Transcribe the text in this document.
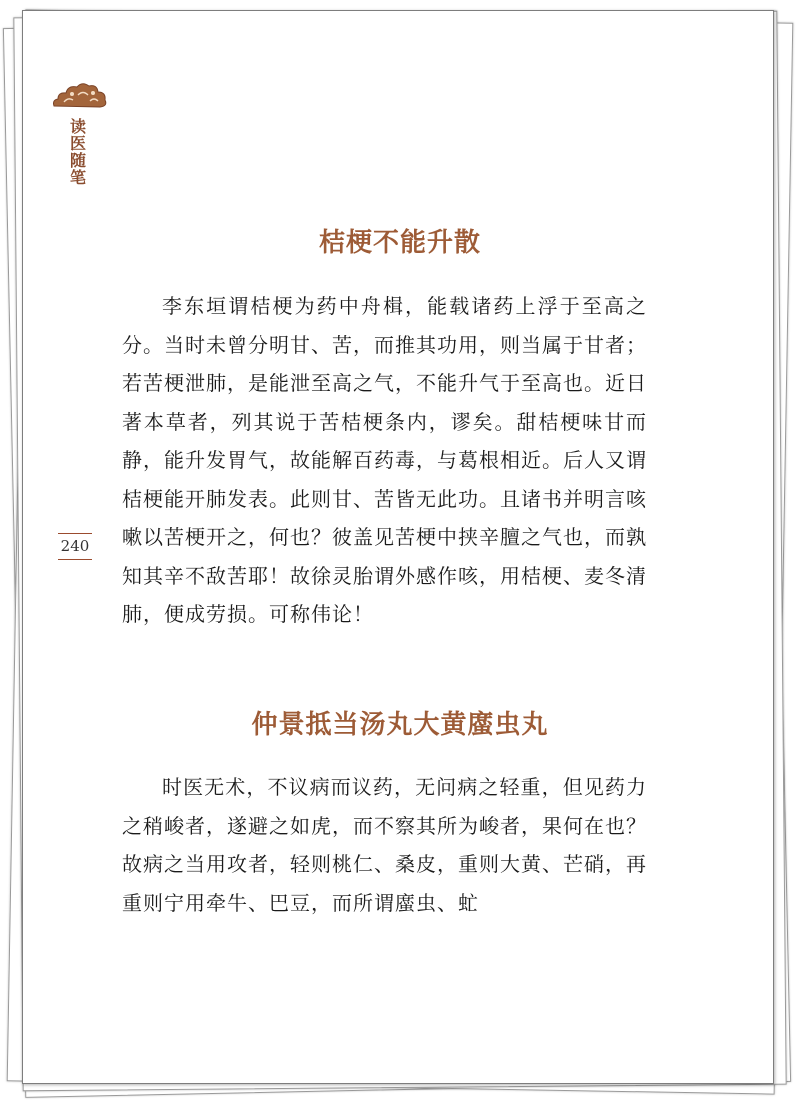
读医随笔
240
桔梗不能升散

李东垣谓桔梗为药中舟楫，能载诸药上浮于至高之分。当时未曾分明甘、苦，而推其功用，则当属于甘者；若苦梗泄肺，是能泄至高之气，不能升气于至高也。近日著本草者，列其说于苦桔梗条内，谬矣。甜桔梗味甘而静，能升发胃气，故能解百药毒，与葛根相近。后人又谓桔梗能开肺发表。此则甘、苦皆无此功。且诸书并明言咳嗽以苦梗开之，何也？彼盖见苦梗中挟辛膻之气也，而孰知其辛不敌苦耶！故徐灵胎谓外感作咳，用桔梗、麦冬清肺，便成劳损。可称伟论！

仲景抵当汤丸大黄䗪虫丸

时医无术，不议病而议药，无问病之轻重，但见药力之稍峻者，遂避之如虎，而不察其所为峻者，果何在也？故病之当用攻者，轻则桃仁、桑皮，重则大黄、芒硝，再重则宁用牵牛、巴豆，而所谓䗪虫、虻
